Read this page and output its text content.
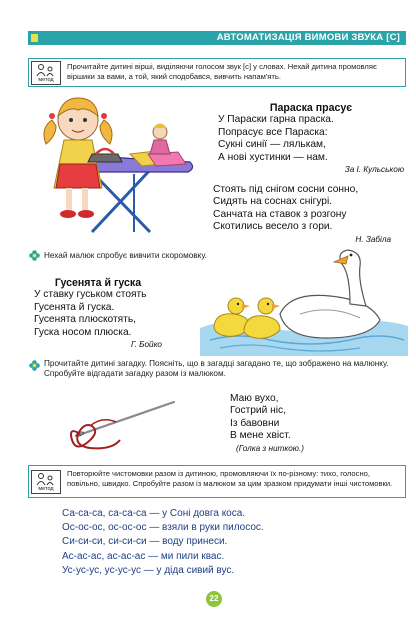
АВТОМАТИЗАЦІЯ ВИМОВИ ЗВУКА [С]
метод
Прочитайте дитині вірші, виділяючи голосом звук [с] у словах. Нехай дитина промовляє віршики за вами, а той, який сподобався, вивчить напам'ять.
Параска прасує
У Параски гарна праска.
Попрасує все Параска:
Сукні синії — лялькам,
А нові хустинки — нам.
За І. Кульською
Стоять під снігом сосни сонно,
Сидять на соснах снігурі.
Санчата на ставок з розгону
Скотились весело з гори.
Н. Забіла
Нехай малюк спробує вивчити скоромовку.
Гусенята й гуска
У ставку гуськом стоять
Гусенята й гуска.
Гусенята плюскотять,
Гуска носом плюска.
Г. Бойко
Прочитайте дитині загадку. Поясніть, що в загадці загадано те, що зображено на малюнку. Спробуйте відгадати загадку разом із малюком.
Маю вухо,
Гострий ніс,
Із бавовни
В мене хвіст.
(Голка з ниткою.)
метод
Повторюйте чистомовки разом із дитиною, промовляючи їх по-різному: тихо, голосно, повільно, швидко. Спробуйте разом із малюком за цим зразком придумати інші чистомовки.
Са-са-са, са-са-са — у Соні довга коса.
Ос-ос-ос, ос-ос-ос — взяли в руки пилосос.
Си-си-си, си-си-си — воду принеси.
Ас-ас-ас, ас-ас-ас — ми пили квас.
Ус-ус-ус, ус-ус-ус — у діда сивий вус.
22
